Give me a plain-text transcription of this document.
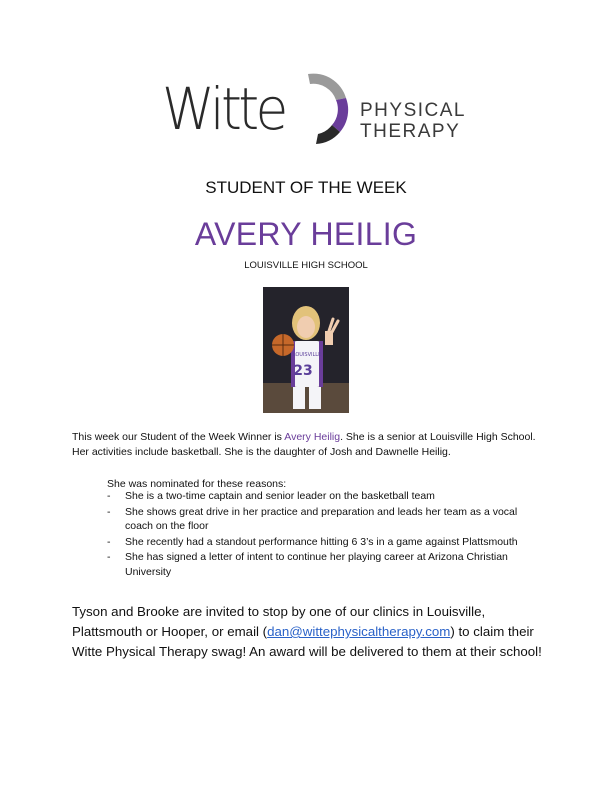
Witte	PHYSICAL
THERAPY
STUDENT OF THE WEEK
AVERY HEILIG
LOUISVILLE HIGH SCHOOL
LOUISVILLE
23
This week our Student of the Week Winner is Avery Heilig. She is a senior at Louisville High School. Her activities include basketball. She is the daughter of Josh and Dawnelle Heilig.
She was nominated for these reasons:
- She is a two-time captain and senior leader on the basketball team
- She shows great drive in her practice and preparation and leads her team as a vocal coach on the floor
- She recently had a standout performance hitting 6 3’s in a game against Plattsmouth
- She has signed a letter of intent to continue her playing career at Arizona Christian University
Tyson and Brooke are invited to stop by one of our clinics in Louisville, Plattsmouth or Hooper, or email (dan@wittephysicaltherapy.com) to claim their Witte Physical Therapy swag! An award will be delivered to them at their school!
